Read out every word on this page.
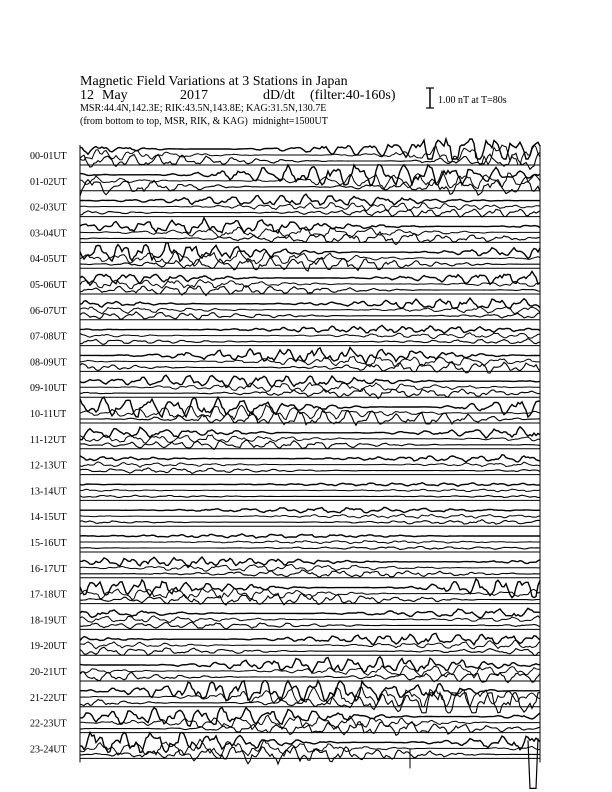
Magnetic Field Variations at 3 Stations in Japan
12 May	2017	dD/dt (filter:40-160s)
MSR:44.4N,142.3E; RIK:43.5N,143.8E; KAG:31.5N,130.7E
(from bottom to top, MSR, RIK, & KAG) midnight=1500UT
1.00 nT at T=80s
00-01UT
01-02UT
02-03UT
03-04UT
04-05UT
05-06UT
06-07UT
07-08UT
08-09UT
09-10UT
10-11UT
11-12UT
12-13UT
13-14UT
14-15UT
15-16UT
16-17UT
17-18UT
18-19UT
19-20UT
20-21UT
21-22UT
22-23UT
23-24UT
